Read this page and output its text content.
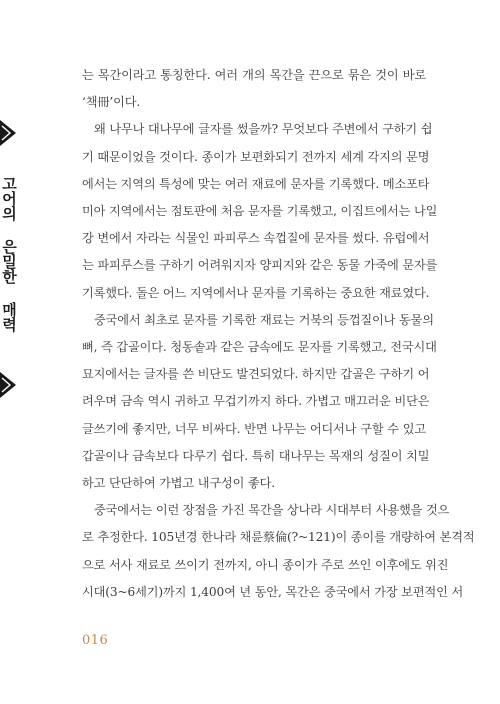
고어의 은밀한 매력

는 목간이라고 통칭한다. 여러 개의 목간을 끈으로 묶은 것이 바로
‘책冊’이다.

왜 나무나 대나무에 글자를 썼을까? 무엇보다 주변에서 구하기 쉽
기 때문이었을 것이다. 종이가 보편화되기 전까지 세계 각지의 문명
에서는 지역의 특성에 맞는 여러 재료에 문자를 기록했다. 메소포타
미아 지역에서는 점토판에 처음 문자를 기록했고, 이집트에서는 나일
강 변에서 자라는 식물인 파피루스 속껍질에 문자를 썼다. 유럽에서
는 파피루스를 구하기 어려워지자 양피지와 같은 동물 가죽에 문자를
기록했다. 돌은 어느 지역에서나 문자를 기록하는 중요한 재료였다.

중국에서 최초로 문자를 기록한 재료는 거북의 등껍질이나 동물의
뼈, 즉 갑골이다. 청동솥과 같은 금속에도 문자를 기록했고, 전국시대
묘지에서는 글자를 쓴 비단도 발견되었다. 하지만 갑골은 구하기 어
려우며 금속 역시 귀하고 무겁기까지 하다. 가볍고 매끄러운 비단은
글쓰기에 좋지만, 너무 비싸다. 반면 나무는 어디서나 구할 수 있고
갑골이나 금속보다 다루기 쉽다. 특히 대나무는 목재의 성질이 치밀
하고 단단하여 가볍고 내구성이 좋다.

중국에서는 이런 장점을 가진 목간을 상나라 시대부터 사용했을 것으
로 추정한다. 105년경 한나라 채륜蔡倫(?~121)이 종이를 개량하여 본격적
으로 서사 재료로 쓰이기 전까지, 아니 종이가 주로 쓰인 이후에도 위진
시대(3~6세기)까지 1,400여 년 동안, 목간은 중국에서 가장 보편적인 서

016
